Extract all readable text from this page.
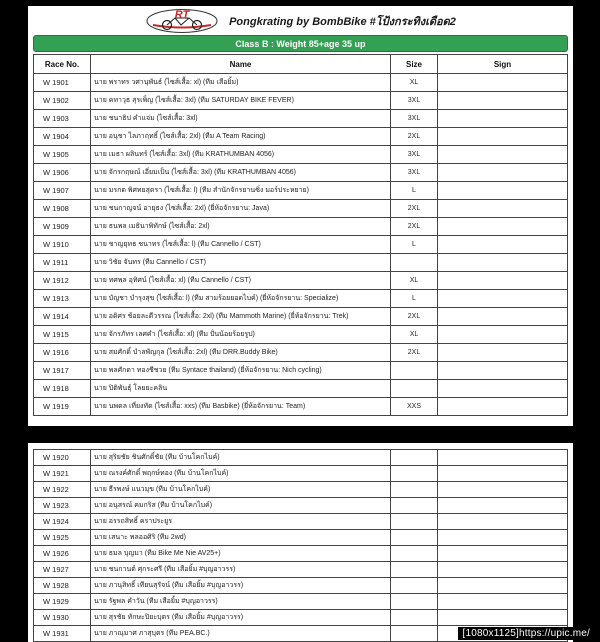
RT
Pongkrating by BombBike #โป้งกระทิงเดือด2
Class B : Weight 85+age 35 up
Race No.	Name	Size	Sign
W 1901	นาย พราทร วศานุพันธ์ (ไซส์เสื้อ: xl) (ทีม เสือยิ้ม)	XL	
W 1902	นาย คทาวุธ สุรเพ็ญ (ไซส์เสื้อ: 3xl) (ทีม SATURDAY BIKE FEVER)	3XL	
W 1903	นาย ชนาธิป คำแจ่ม (ไซส์เสื้อ: 3xl)	3XL	
W 1904	นาย อนุชา ไลภาฤทธิ์ (ไซส์เสื้อ: 2xl) (ทีม A Team Racing)	2XL	
W 1905	นาย เมธา ผลินทร์ (ไซส์เสื้อ: 3xl) (ทีม KRATHUMBAN 4056)	3XL	
W 1906	นาย จักรกฤษณ์ เอี่ยมเป็น (ไซส์เสื้อ: 3xl) (ทีม KRATHUMBAN 4056)	3XL	
W 1907	นาย มรกต พิศทยสุตรา (ไซส์เสื้อ: l) (ทีม สำนักจักรยานซิ่ง มอร์ประหยาย)	L	
W 1908	นาย ชนกาญจน์ อายุธง (ไซส์เสื้อ: 2xl) (ยี่ห้อจักรยาน: Java)	2XL	
W 1909	นาย ธนพล เมธินาพิทักษ์ (ไซส์เสื้อ: 2xl)	2XL	
W 1910	นาย ชาญยุทธ ชนาทร (ไซส์เสื้อ: l) (ทีม Cannello / CST)	L	
W 1911	นาย วิชัย จันทร (ทีม Cannello / CST)		
W 1912	นาย ทศพล อุทิศน์ (ไซส์เสื้อ: xl) (ทีม Cannello / CST)	XL	
W 1913	นาย บัญชา บำรุงสุข (ไซส์เสื้อ: l) (ทีม สามร้อยยอดไบค์) (ยี่ห้อจักรยาน: Specialize)	L	
W 1914	นาย อดิศร ช้อยละดีวรรณ (ไซส์เสื้อ: 2xl) (ทีม Mammoth Marine) (ยี่ห้อจักรยาน: Trek)	2XL	
W 1915	นาย จักรภัทร เลศคำ (ไซส์เสื้อ: xl) (ทีม ปั่นน้อยร้อยรูป)	XL	
W 1916	นาย สมศักดิ์ บำลพัญกุล (ไซส์เสื้อ: 2xl) (ทีม DRR.Buddy Bike)	2XL	
W 1917	นาย พลศักดา ทองชีชวย (ทีม Syntace thailand) (ยี่ห้อจักรยาน: Nich cycling)		
W 1918	นาย ปิติพันธุ์ โลยยะคลิน		
W 1919	นาย นพดล เที่ยงทัด (ไซส์เสื้อ: xxs) (ทีม Basbike) (ยี่ห้อจักรยาน: Team)	XXS	
W 1920	นาย สุริยชัย ชินศักดิ์ชัย (ทีม บ้านโคกไบค์)		
W 1921	นาย ณรงค์ศักดิ์ พฤกษ์ทอง (ทีม บ้านโคกไบค์)		
W 1922	นาย ธีรพงษ์ แนวมุข (ทีม บ้านโคกไบค์)		
W 1923	นาย อนุสรณ์ คมกริส (ทีม บ้านโคกไบค์)		
W 1924	นาย อรรถสิทธิ์ คราประยูร		
W 1925	นาย เสนาะ พลออศิริ (ทีม 2wd)		
W 1926	นาย ธมล บุญมา (ทีม Bike Me Nie AV25+)		
W 1927	นาย ชนกานต์ ศุกระศรี (ทีม เสือยิ้ม #บุญอาวรร)		
W 1928	นาย ภานุสิทธิ์ เทียนสุรัจน์ (ทีม เสือยิ้ม #บุญอาวรร)		
W 1929	นาย รัฐพล คำวัน (ทีม เสือยิ้ม #บุญอาวรร)		
W 1930	นาย สุรชัย ทักษะปิยะบุตร (ทีม เสือยิ้ม #บุญอาวรร)		
W 1931	นาย ภาณุมาศ ภาสุบุตร (ทีม PEA.BC.)			[1080x1125]https://upic.me/
